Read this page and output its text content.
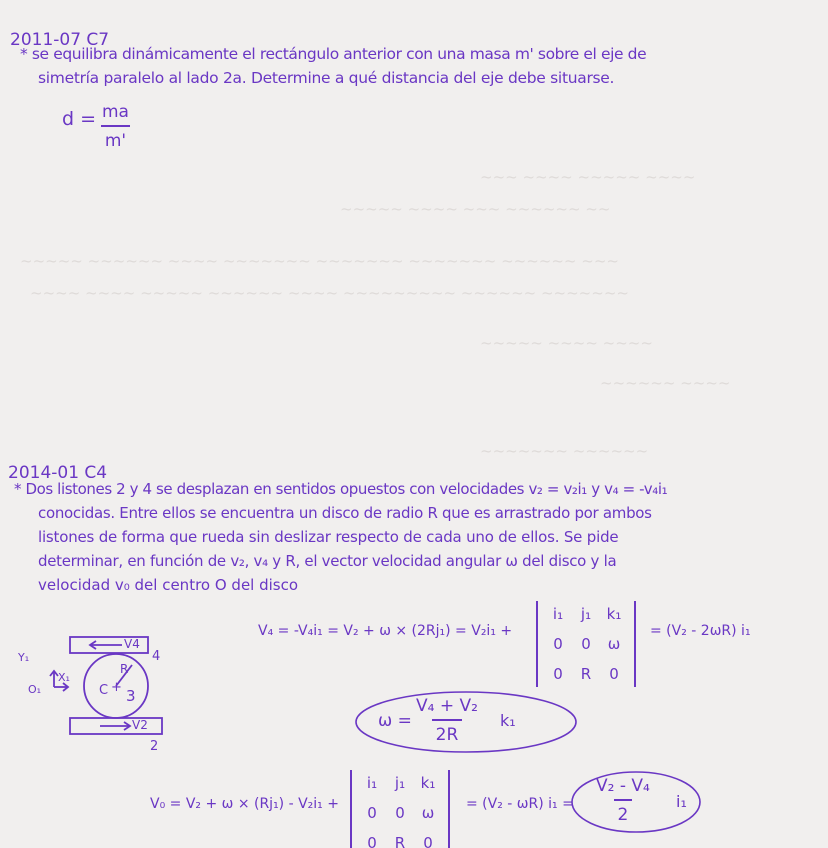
~~~ ~~~~ ~~~~~ ~~~~
~~~~~ ~~~~ ~~~ ~~~~~~ ~~
~~~~~ ~~~~~~ ~~~~ ~~~~~~~ ~~~~~~~ ~~~~~~~ ~~~~~~ ~~~
~~~~ ~~~~ ~~~~~ ~~~~~~ ~~~~ ~~~~~~~~~ ~~~~~~ ~~~~~~~
~~~~~ ~~~~ ~~~~
~~~~~~ ~~~~
~~~~~~~ ~~~~~~
2011-07 C7
* se equilibra dinámicamente el rectángulo anterior con una masa m' sobre el eje de
simetría paralelo al lado 2a. Determine a qué distancia del eje debe situarse.
$d = \frac{ma}{m'}$
2014-01 C4
* Dos listones 2 y 4 se desplazan en sentidos opuestos con velocidades v₂ = v₂i₁ y v₄ = -v₄i₁
conocidas. Entre ellos se encuentra un disco de radio R que es arrastrado por ambos
listones de forma que rueda sin deslizar respecto de cada uno de ellos. Se pide
determinar, en función de v₂, v₄ y R, el vector velocidad angular ω del disco y la
velocidad v₀ del centro O del disco
+
V4
4
V2
2
3
R
C
Y₁
X₁
O₁
V₄ = -V₄i₁ = V₂ + ω × (2Rj₁) = V₂i₁ +
i₁	j₁	k₁
0	0	ω
0	R	0
= (V₂ - 2ωR) i₁
$\omega = \frac{\text{V₄ + V₂}}{2R} k_1$
V₀ = V₂ + ω × (Rj₁) - V₂i₁ +
i₁	j₁	k₁
0	0	ω
0	R	0
= (V₂ - ωR) $i_1 = \frac{\text{V₂ - V₄}}{2} i_1$
